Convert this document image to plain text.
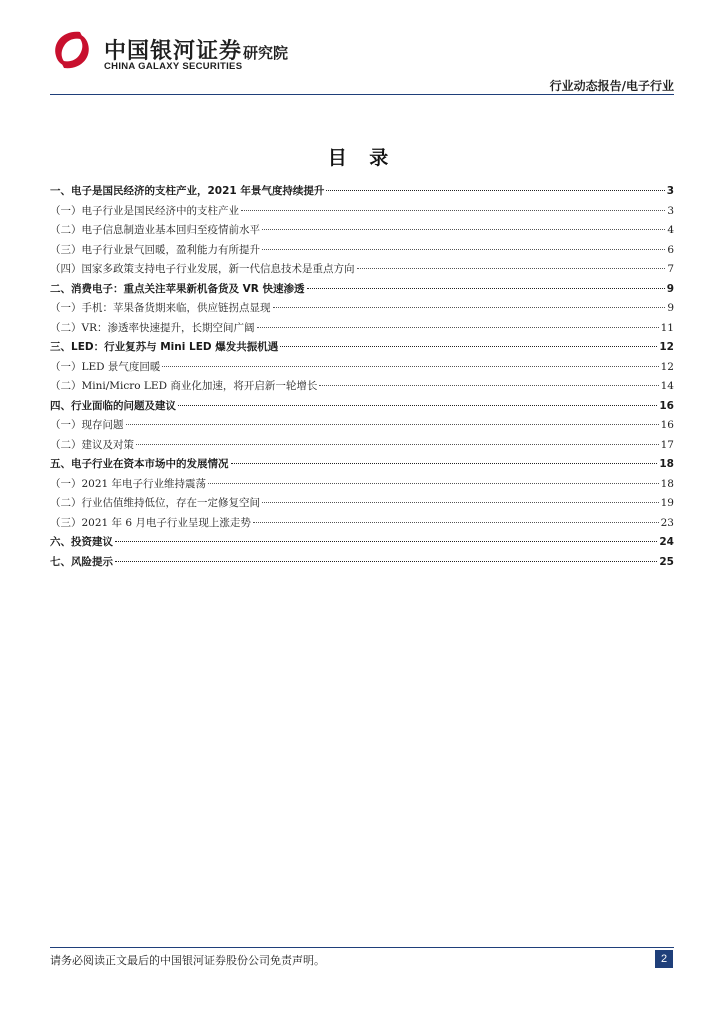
中国银河证券
CHINA GALAXY SECURITIES
研究院
行业动态报告/电子行业
目 录
一、电子是国民经济的支柱产业，2021 年景气度持续提升	3
（一）电子行业是国民经济中的支柱产业	3
（二）电子信息制造业基本回归至疫情前水平	4
（三）电子行业景气回暖，盈利能力有所提升	6
（四）国家多政策支持电子行业发展，新一代信息技术是重点方向	7
二、消费电子：重点关注苹果新机备货及 VR 快速渗透	9
（一）手机：苹果备货期来临，供应链拐点显现	9
（二）VR：渗透率快速提升，长期空间广阔	11
三、LED：行业复苏与 Mini LED 爆发共振机遇	12
（一）LED 景气度回暖	12
（二）Mini/Micro LED 商业化加速，将开启新一轮增长	14
四、行业面临的问题及建议	16
（一）现存问题	16
（二）建议及对策	17
五、电子行业在资本市场中的发展情况	18
（一）2021 年电子行业维持震荡	18
（二）行业估值维持低位，存在一定修复空间	19
（三）2021 年 6 月电子行业呈现上涨走势	23
六、投资建议	24
七、风险提示	25
请务必阅读正文最后的中国银河证券股份公司免责声明。	2
